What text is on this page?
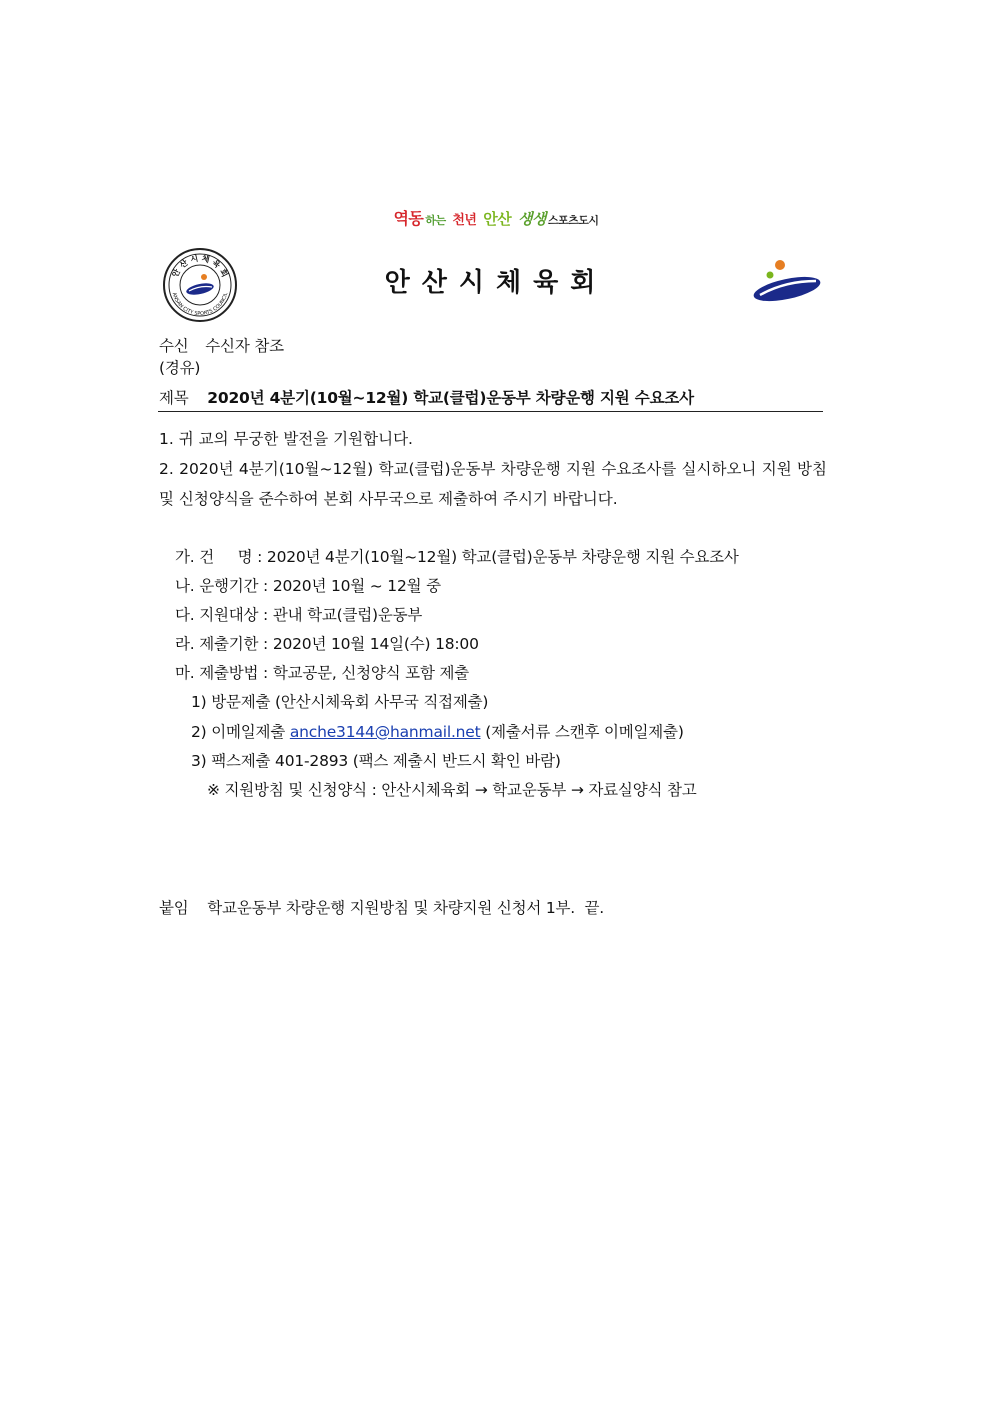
역동 하는 천년 안산 생생 스포츠도시
안 산 시 체 육 회
ANSAN CITY SPORTS COUNCIL	안산시체육회
수신 수신자 참조
(경유)
제목 2020년 4분기(10월~12월) 학교(클럽)운동부 차량운행 지원 수요조사
1. 귀 교의 무궁한 발전을 기원합니다.
2. 2020년 4분기(10월~12월) 학교(클럽)운동부 차량운행 지원 수요조사를 실시하오니 지원 방침 및 신청양식을 준수하여 본회 사무국으로 제출하여 주시기 바랍니다.
가. 건     명 : 2020년 4분기(10월~12월) 학교(클럽)운동부 차량운행 지원 수요조사
나. 운행기간 : 2020년 10월 ~ 12월 중
다. 지원대상 : 관내 학교(클럽)운동부
라. 제출기한 : 2020년 10월 14일(수) 18:00
마. 제출방법 : 학교공문, 신청양식 포함 제출
1) 방문제출 (안산시체육회 사무국 직접제출)
2) 이메일제출 anche3144@hanmail.net (제출서류 스캔후 이메일제출)
3) 팩스제출 401-2893 (팩스 제출시 반드시 확인 바람)
※ 지원방침 및 신청양식 : 안산시체육회 → 학교운동부 → 자료실양식 참고
붙임 학교운동부 차량운행 지원방침 및 차량지원 신청서 1부.  끝.
